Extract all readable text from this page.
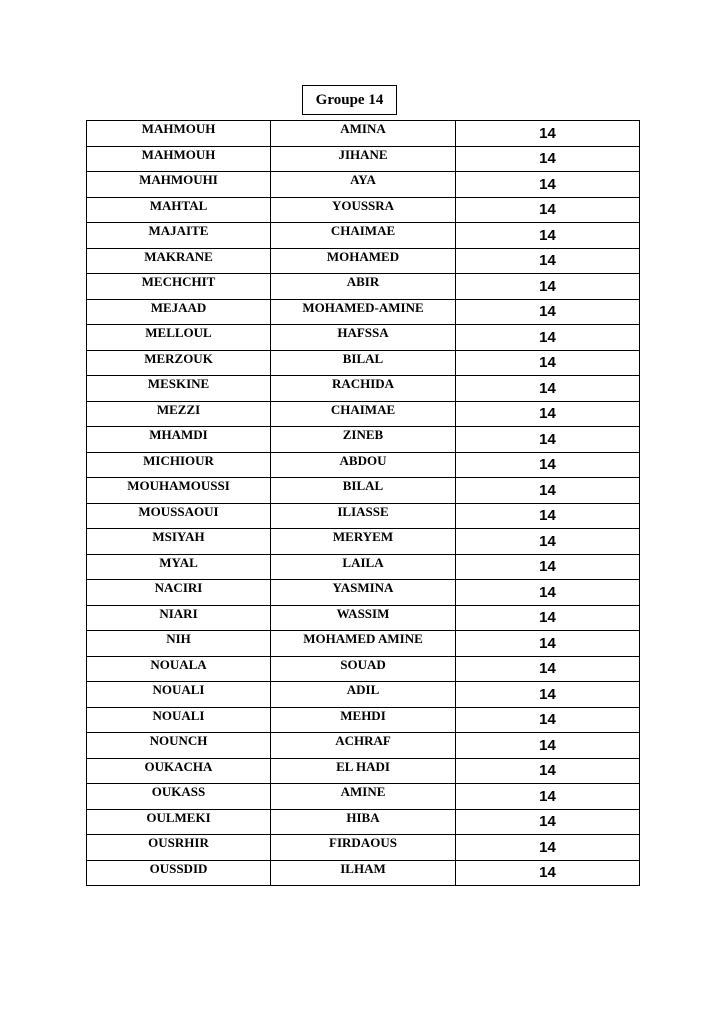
Groupe 14
MAHMOUH	AMINA	14
MAHMOUH	JIHANE	14
MAHMOUHI	AYA	14
MAHTAL	YOUSSRA	14
MAJAITE	CHAIMAE	14
MAKRANE	MOHAMED	14
MECHCHIT	ABIR	14
MEJAAD	MOHAMED-AMINE	14
MELLOUL	HAFSSA	14
MERZOUK	BILAL	14
MESKINE	RACHIDA	14
MEZZI	CHAIMAE	14
MHAMDI	ZINEB	14
MICHIOUR	ABDOU	14
MOUHAMOUSSI	BILAL	14
MOUSSAOUI	ILIASSE	14
MSIYAH	MERYEM	14
MYAL	LAILA	14
NACIRI	YASMINA	14
NIARI	WASSIM	14
NIH	MOHAMED AMINE	14
NOUALA	SOUAD	14
NOUALI	ADIL	14
NOUALI	MEHDI	14
NOUNCH	ACHRAF	14
OUKACHA	EL HADI	14
OUKASS	AMINE	14
OULMEKI	HIBA	14
OUSRHIR	FIRDAOUS	14
OUSSDID	ILHAM	14
